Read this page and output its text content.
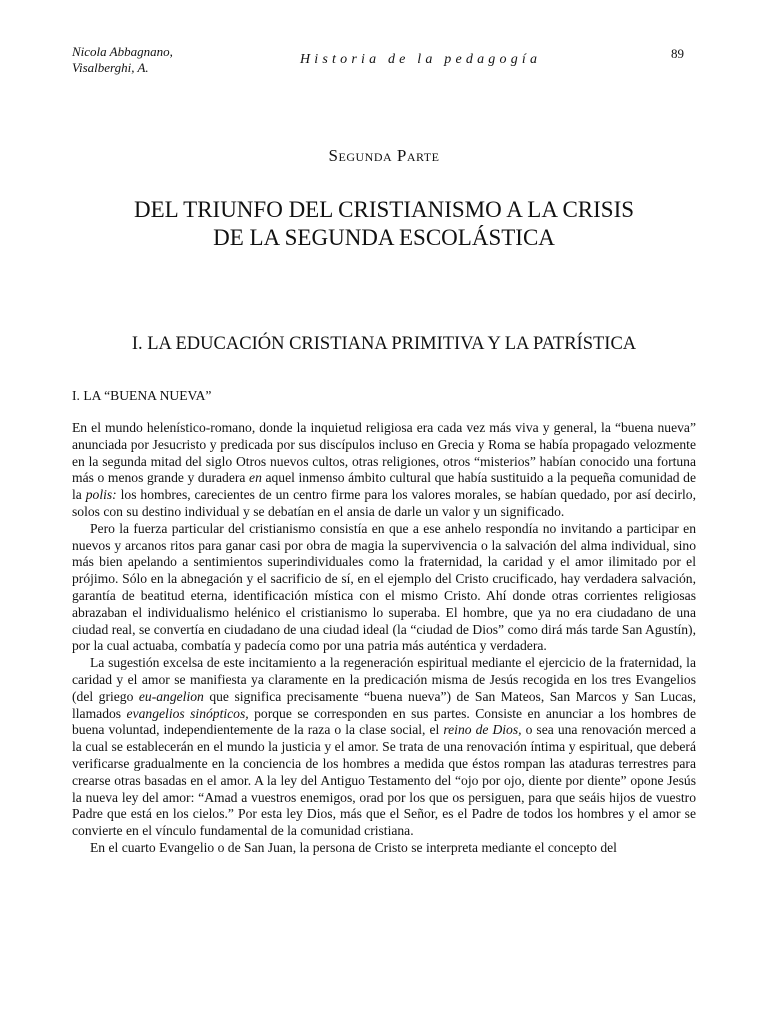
Nicola Abbagnano,
Visalberghi, A.
Historia de la pedagogía	89
Segunda Parte
DEL TRIUNFO DEL CRISTIANISMO A LA CRISIS
DE LA SEGUNDA ESCOLÁSTICA
I. LA EDUCACIÓN CRISTIANA PRIMITIVA Y LA PATRÍSTICA
I. LA “BUENA NUEVA”

En el mundo helenístico-romano, donde la inquietud religiosa era cada vez más viva y general, la “buena nueva” anunciada por Jesucristo y predicada por sus discípulos incluso en Grecia y Roma se había propagado velozmente en la segunda mitad del siglo Otros nuevos cultos, otras religiones, otros “misterios” habían conocido una fortuna más o menos grande y duradera en aquel inmenso ámbito cultural que había sustituido a la pequeña comunidad de la polis: los hombres, carecientes de un centro firme para los valores morales, se habían quedado, por así decirlo, solos con su destino individual y se debatían en el ansia de darle un valor y un significado.

Pero la fuerza particular del cristianismo consistía en que a ese anhelo respondía no invitando a participar en nuevos y arcanos ritos para ganar casi por obra de magia la supervivencia o la salvación del alma individual, sino más bien apelando a sentimientos superindividuales como la fraternidad, la caridad y el amor ilimitado por el prójimo. Sólo en la abnegación y el sacrificio de sí, en el ejemplo del Cristo crucificado, hay verdadera salvación, garantía de beatitud eterna, identificación mística con el mismo Cristo. Ahí donde otras corrientes religiosas abrazaban el individualismo helénico el cristianismo lo superaba. El hombre, que ya no era ciudadano de una ciudad real, se convertía en ciudadano de una ciudad ideal (la “ciudad de Dios” como dirá más tarde San Agustín), por la cual actuaba, combatía y padecía como por una patria más auténtica y verdadera.

La sugestión excelsa de este incitamiento a la regeneración espiritual mediante el ejercicio de la fraternidad, la caridad y el amor se manifiesta ya claramente en la predicación misma de Jesús recogida en los tres Evangelios (del griego eu-angelion que significa precisamente “buena nueva”) de San Mateos, San Marcos y San Lucas, llamados evangelios sinópticos, porque se corresponden en sus partes. Consiste en anunciar a los hombres de buena voluntad, independientemente de la raza o la clase social, el reino de Dios, o sea una renovación merced a la cual se establecerán en el mundo la justicia y el amor. Se trata de una renovación íntima y espiritual, que deberá verificarse gradualmente en la conciencia de los hombres a medida que éstos rompan las ataduras terrestres para crearse otras basadas en el amor. A la ley del Antiguo Testamento del “ojo por ojo, diente por diente” opone Jesús la nueva ley del amor: “Amad a vuestros enemigos, orad por los que os persiguen, para que seáis hijos de vuestro Padre que está en los cielos.” Por esta ley Dios, más que el Señor, es el Padre de todos los hombres y el amor se convierte en el vínculo fundamental de la comunidad cristiana.

En el cuarto Evangelio o de San Juan, la persona de Cristo se interpreta mediante el concepto del
